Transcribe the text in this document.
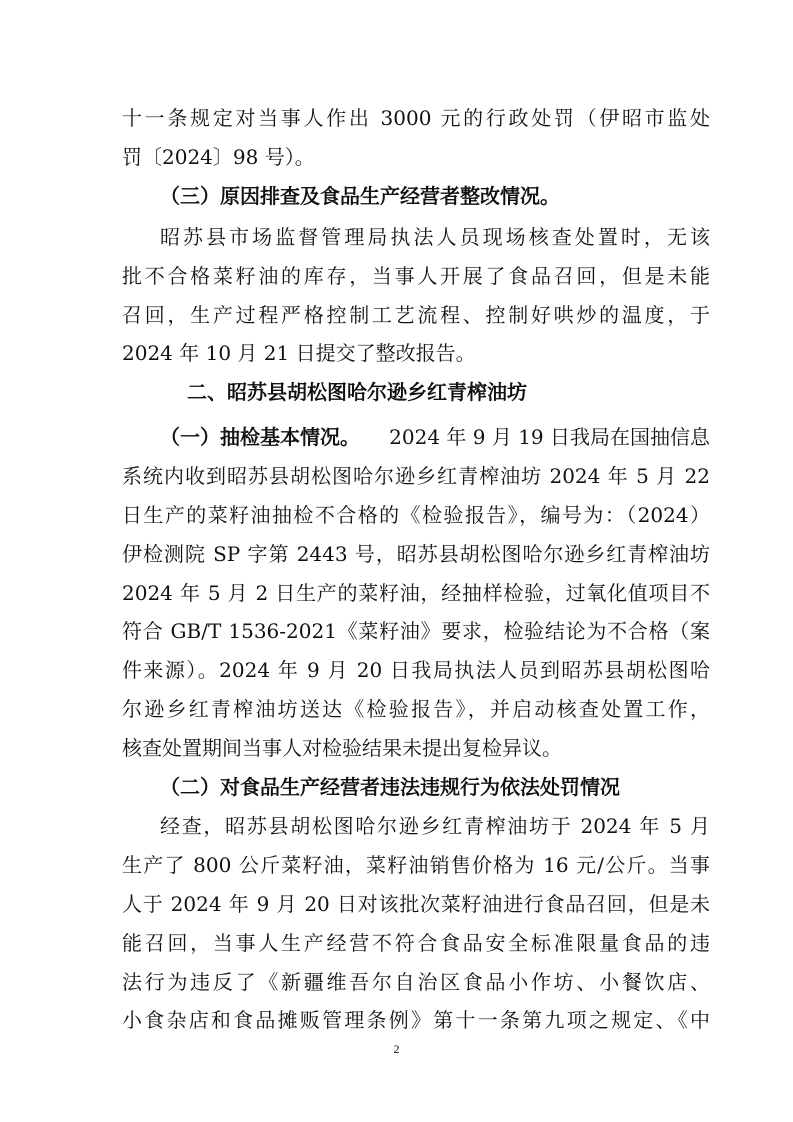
十一条规定对当事人作出 3000 元的行政处罚（伊昭市监处
罚〔2024〕98 号）。
（三）原因排查及食品生产经营者整改情况。
昭苏县市场监督管理局执法人员现场核查处置时，无该
批不合格菜籽油的库存，当事人开展了食品召回，但是未能
召回，生产过程严格控制工艺流程、控制好哄炒的温度，于
2024 年 10 月 21 日提交了整改报告。
二、昭苏县胡松图哈尔逊乡红青榨油坊
（一）抽检基本情况。 2024 年 9 月 19 日我局在国抽信息
系统内收到昭苏县胡松图哈尔逊乡红青榨油坊 2024 年 5 月 22
日生产的菜籽油抽检不合格的《检验报告》，编号为：（2024）
伊检测院 SP 字第 2443 号，昭苏县胡松图哈尔逊乡红青榨油坊
2024 年 5 月 2 日生产的菜籽油，经抽样检验，过氧化值项目不
符合 GB/T 1536-2021《菜籽油》要求，检验结论为不合格（案
件来源）。2024 年 9 月 20 日我局执法人员到昭苏县胡松图哈
尔逊乡红青榨油坊送达《检验报告》，并启动核查处置工作，
核查处置期间当事人对检验结果未提出复检异议。
（二）对食品生产经营者违法违规行为依法处罚情况
经查，昭苏县胡松图哈尔逊乡红青榨油坊于 2024 年 5 月
生产了 800 公斤菜籽油，菜籽油销售价格为 16 元/公斤。当事
人于 2024 年 9 月 20 日对该批次菜籽油进行食品召回，但是未
能召回，当事人生产经营不符合食品安全标准限量食品的违
法行为违反了《新疆维吾尔自治区食品小作坊、小餐饮店、
小食杂店和食品摊贩管理条例》第十一条第九项之规定、《中
2
